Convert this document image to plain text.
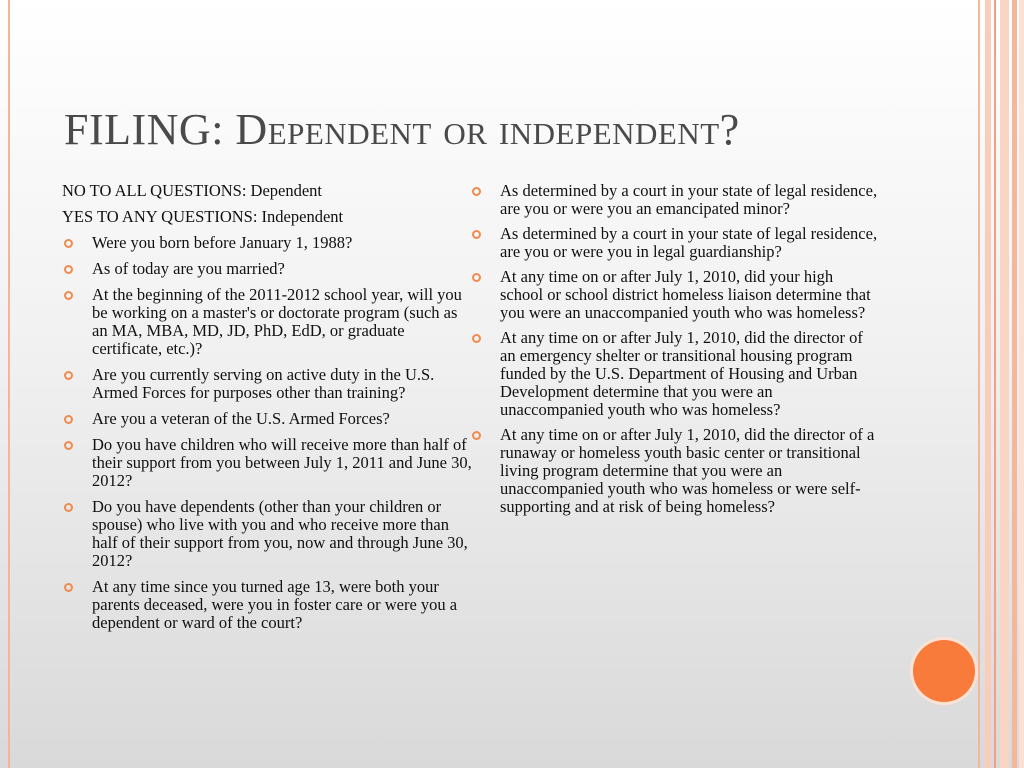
FILING: Dependent or independent?

NO TO ALL QUESTIONS: Dependent

YES TO ANY QUESTIONS: Independent

Were you born before January 1, 1988?
As of today are you married?
At the beginning of the 2011-2012 school year, will you be working on a master's or doctorate program (such as an MA, MBA, MD, JD, PhD, EdD, or graduate certificate, etc.)?
Are you currently serving on active duty in the U.S. Armed Forces for purposes other than training?
Are you a veteran of the U.S. Armed Forces?
Do you have children who will receive more than half of their support from you between July 1, 2011 and June 30, 2012?
Do you have dependents (other than your children or spouse) who live with you and who receive more than half of their support from you, now and through June 30, 2012?
At any time since you turned age 13, were both your parents deceased, were you in foster care or were you a dependent or ward of the court?
As determined by a court in your state of legal residence, are you or were you an emancipated minor?
As determined by a court in your state of legal residence, are you or were you in legal guardianship?
At any time on or after July 1, 2010, did your high school or school district homeless liaison determine that you were an unaccompanied youth who was homeless?
At any time on or after July 1, 2010, did the director of an emergency shelter or transitional housing program funded by the U.S. Department of Housing and Urban Development determine that you were an unaccompanied youth who was homeless?
At any time on or after July 1, 2010, did the director of a runaway or homeless youth basic center or transitional living program determine that you were an unaccompanied youth who was homeless or were self-supporting and at risk of being homeless?
